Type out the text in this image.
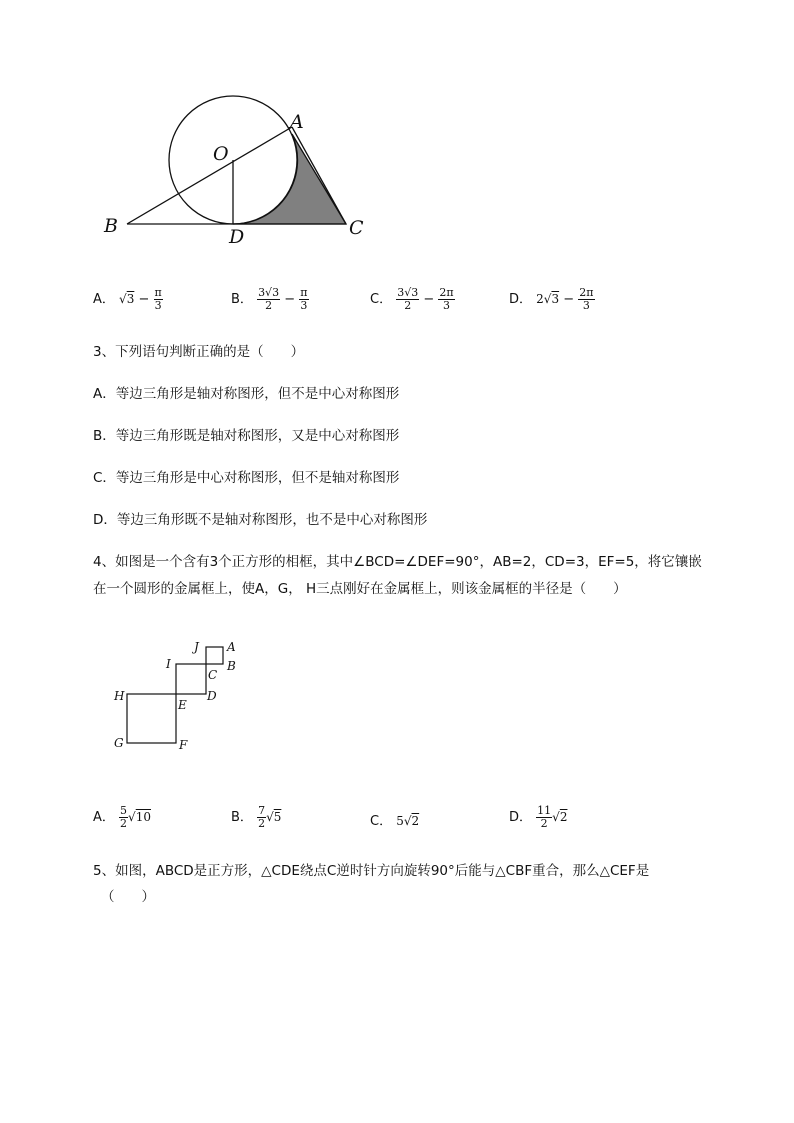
A
O
B	D	C
A． $√3 - \frac{\pi}{3}$	B． $\frac{3√3}{2} - \frac{\pi}{3}$	C． $\frac{3√3}{2} - \frac{2\pi}{3}$	D． $2√3 - \frac{2\pi}{3}$
3、下列语句判断正确的是（　　）
A．等边三角形是轴对称图形，但不是中心对称图形
B．等边三角形既是轴对称图形，又是中心对称图形
C．等边三角形是中心对称图形，但不是轴对称图形
D．等边三角形既不是轴对称图形，也不是中心对称图形
4、如图是一个含有3个正方形的相框，其中∠BCD=∠DEF=90°，AB=2，CD=3，EF=5，将它镶嵌
在一个圆形的金属框上，使A，G， H三点刚好在金属框上，则该金属框的半径是（　　）
J A
B
I
C
H
E
D
G	F
A． $\frac{5}{2} √10$	B． $\frac{7}{2} √5$	C． 5√2	D． $\frac{11}{2} √2$
5、如图，ABCD是正方形，△CDE绕点C逆时针方向旋转90°后能与△CBF重合，那么△CEF是
（　　）
